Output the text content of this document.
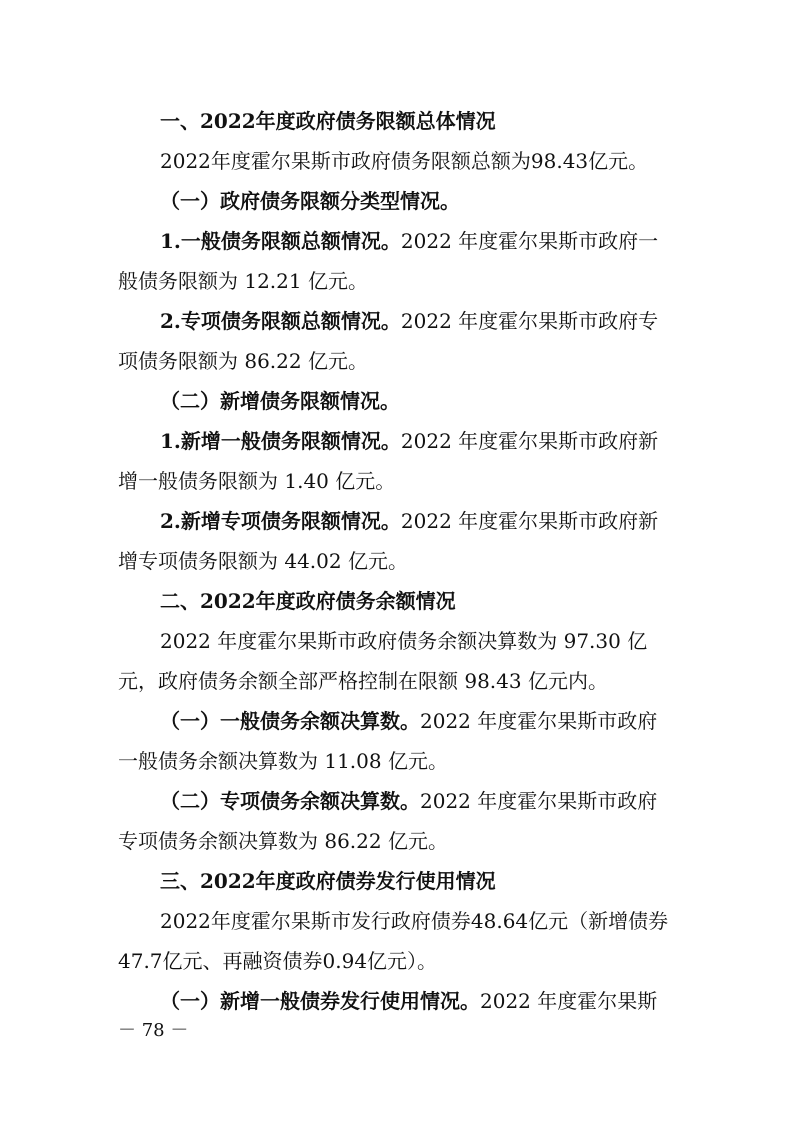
一、2022年度政府债务限额总体情况
2022年度霍尔果斯市政府债务限额总额为98.43亿元。
（一）政府债务限额分类型情况。
1.一般债务限额总额情况。2022 年度霍尔果斯市政府一
般债务限额为 12.21 亿元。
2.专项债务限额总额情况。2022 年度霍尔果斯市政府专
项债务限额为 86.22 亿元。
（二）新增债务限额情况。
1.新增一般债务限额情况。2022 年度霍尔果斯市政府新
增一般债务限额为 1.40 亿元。
2.新增专项债务限额情况。2022 年度霍尔果斯市政府新
增专项债务限额为 44.02 亿元。
二、2022年度政府债务余额情况
2022 年度霍尔果斯市政府债务余额决算数为 97.30 亿
元，政府债务余额全部严格控制在限额 98.43 亿元内。
（一）一般债务余额决算数。2022 年度霍尔果斯市政府
一般债务余额决算数为 11.08 亿元。
（二）专项债务余额决算数。2022 年度霍尔果斯市政府
专项债务余额决算数为 86.22 亿元。
三、2022年度政府债券发行使用情况
2022年度霍尔果斯市发行政府债券48.64亿元（新增债券
47.7亿元、再融资债券0.94亿元）。
（一）新增一般债券发行使用情况。2022 年度霍尔果斯
－ 78 －
